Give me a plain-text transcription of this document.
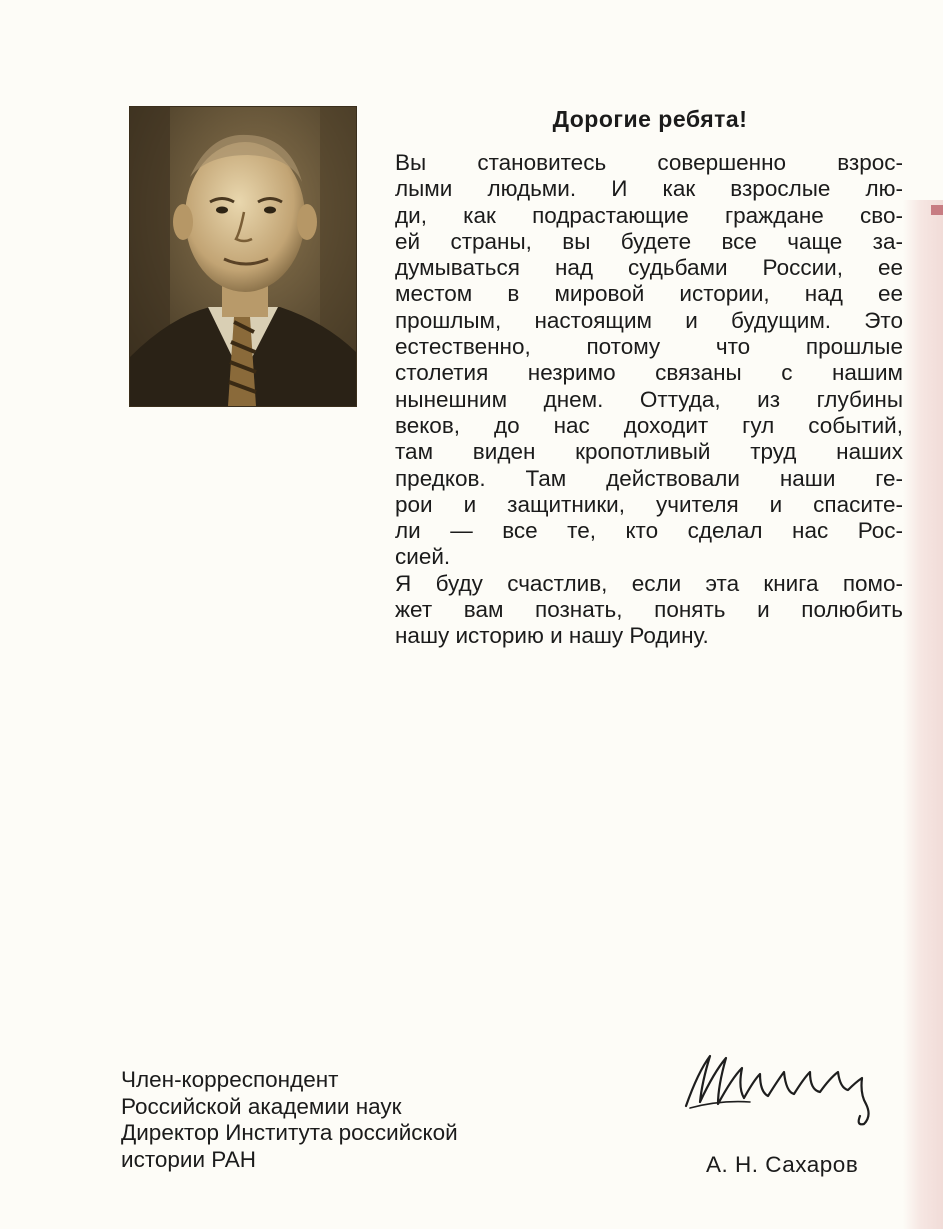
Дорогие ребята!
Вы становитесь совершенно взрос-
лыми людьми. И как взрослые лю-
ди, как подрастающие граждане сво-
ей страны, вы будете все чаще за-
думываться над судьбами России, ее
местом в мировой истории, над ее
прошлым, настоящим и будущим. Это
естественно, потому что прошлые
столетия незримо связаны с нашим
нынешним днем. Оттуда, из глубины
веков, до нас доходит гул событий,
там виден кропотливый труд наших
предков. Там действовали наши ге-
рои и защитники, учителя и спасите-
ли — все те, кто сделал нас Рос-
сией.
Я буду счастлив, если эта книга помо-
жет вам познать, понять и полюбить
нашу историю и нашу Родину.
Член-корреспондент
Российской академии наук
Директор Института российской
истории РАН	А. Н. Сахаров
